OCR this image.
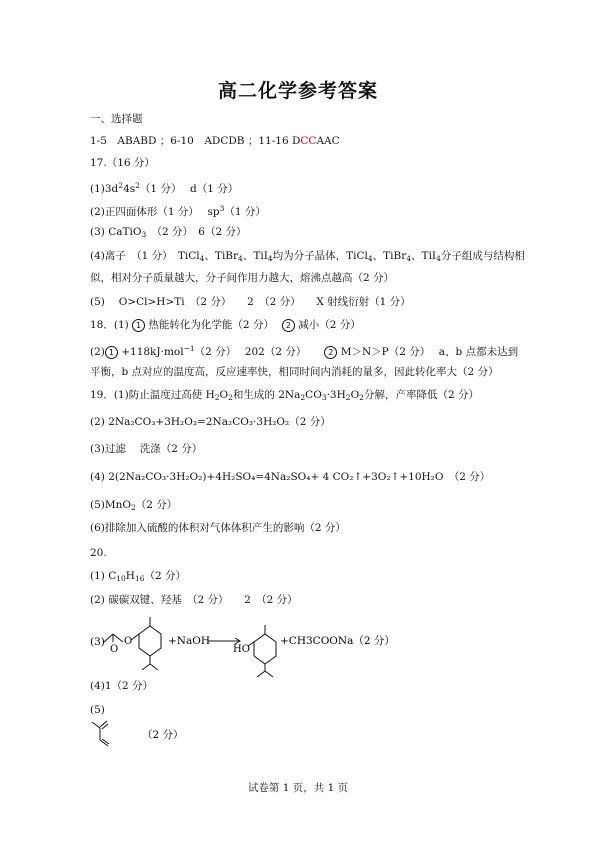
高二化学参考答案
一、选择题
1-5　ABABD ；6-10　ADCDB ；11-16 DCCAAC
17.（16 分）
$(1)3d^24s^2(1$ 分）　 d（1 分）
(2)正四面体形（1 分）　 $sp^3(1$ 分）
(3) CaTiO$_3$　（2 分）　6（2 分）
(4)离子　（1 分）　TiCl$_4$、TiBr$_4$、TiI$_4$均为分子晶体，TiCl$_4$、TiBr$_4$、TiI$_4$分子组成与结构相
似，相对分子质量越大，分子间作用力越大，熔沸点越高（2 分）
(5)　 O>Cl>H>Ti　（2 分）　　2　（2 分）　　X 射线衍射（1 分）
18．(1) 1 热能转化为化学能（2 分） 2 减小（2 分）
(2) 1 +118kJ·mol$^{-1}$（2 分）　 202（2 分）	2 M＞N＞P（2 分）　 a、b 点都未达到
平衡，b 点对应的温度高，反应速率快，相同时间内消耗的量多，因此转化率大（2 分）
19．(1)防止温度过高使 $H_2O_2$和生成的 $2Na_2CO_3\cdot 3H_2O_2$分解，产率降低（2 分）
(2) 2Na₂CO₃+3H₂O₂=2Na₂CO₃·3H₂O₂（2 分）
(3)过滤　 洗涤（2 分）
(4) 2(2Na₂CO₃·3H₂O₂)+4H₂SO₄=4Na₂SO₄+ 4 CO₂↑+3O₂↑+10H₂O　（2 分）
(5)MnO$_2$（2 分）
(6)排除加入硫酸的体积对气体体积产生的影响（2 分）
20.
(1) $C_{10}H_{16}(2$ 分）
(2) 碳碳双键、羟基　（2 分）　　2　（2 分）
(3)
O
O	+NaOH
HO
+CH3COONa（2 分）
(4)1（2 分）
(5)
（2 分）
试卷第 1 页，共 1 页
